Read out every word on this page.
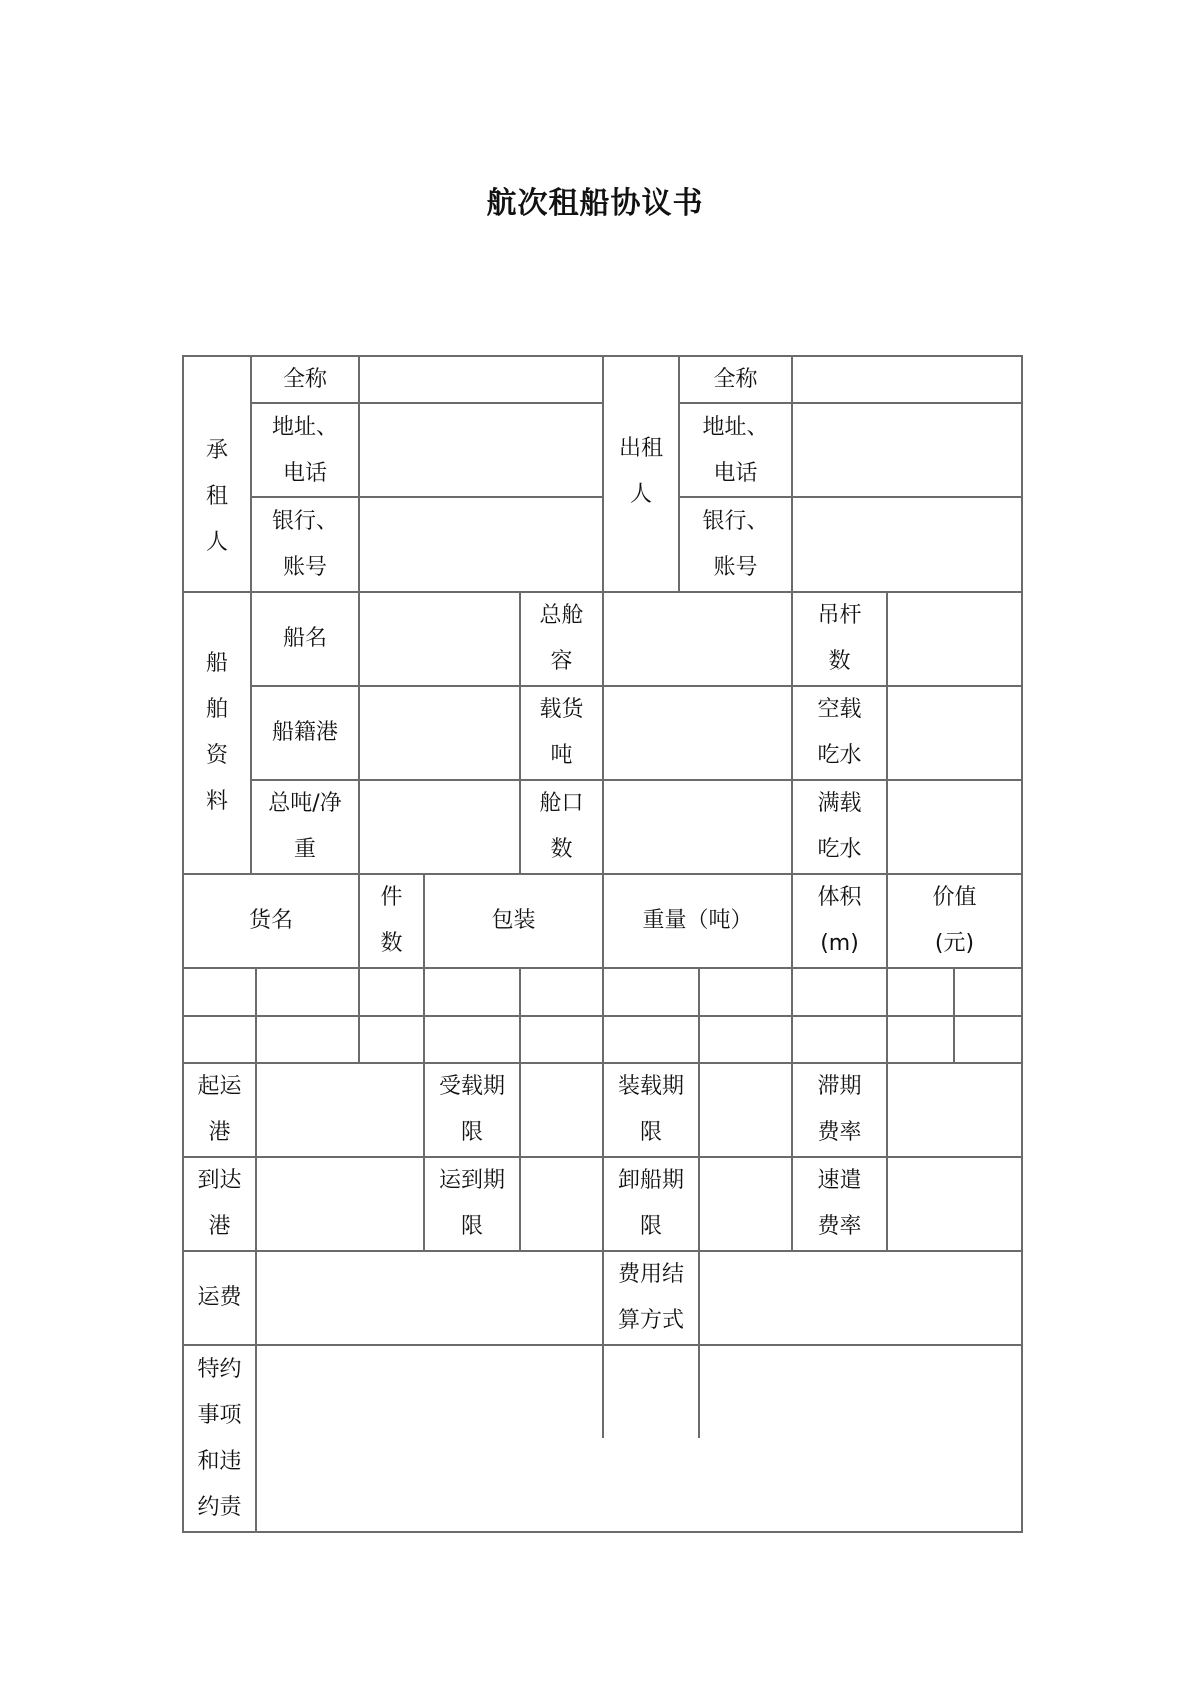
航次租船协议书
承
租
人
全称
地址、
电话
银行、
账号
出租
人
全称
地址、
电话
银行、
账号
船
舶
资
料
船名
船籍港
总吨/净
重
总舱
容
载货
吨
舱口
数
吊杆
数
空载
吃水
满载
吃水
货名
件
数
包装	重量（吨）
体积
(m)
价值
(元)
起运
港
受载期
限
装载期
限
滞期
费率
到达
港
运到期
限
卸船期
限
速遣
费率
运费
费用结
算方式
特约
事项
和违
约责
